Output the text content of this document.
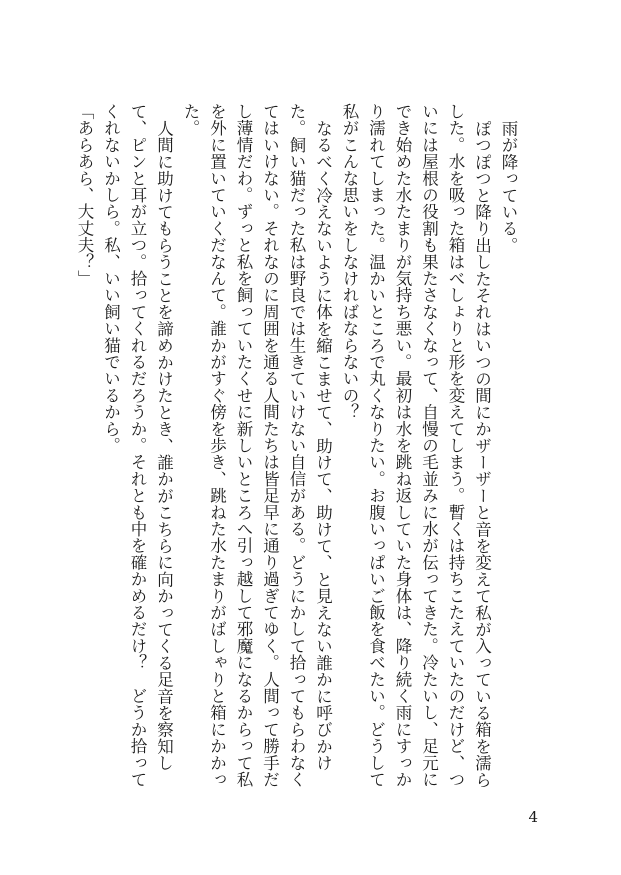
雨が降っている。

ぽつぽつと降り出したそれはいつの間にかザーザーと音を変えて私が入っている箱を濡らした。水を吸った箱はべしょりと形を変えてしまう。暫くは持ちこたえていたのだけど、ついには屋根の役割も果たさなくなって、自慢の毛並みに水が伝ってきた。冷たいし、足元にでき始めた水たまりが気持ち悪い。最初は水を跳ね返していた身体は、降り続く雨にすっかり濡れてしまった。温かいところで丸くなりたい。お腹いっぱいご飯を食べたい。どうして私がこんな思いをしなければならないの？

なるべく冷えないように体を縮こませて、助けて、助けて、と見えない誰かに呼びかけた。飼い猫だった私は野良では生きていけない自信がある。どうにかして拾ってもらわなくてはいけない。それなのに周囲を通る人間たちは皆足早に通り過ぎてゆく。人間って勝手だし薄情だわ。ずっと私を飼っていたくせに新しいところへ引っ越して邪魔になるからって私を外に置いていくだなんて。誰かがすぐ傍を歩き、跳ねた水たまりがばしゃりと箱にかかった。

人間に助けてもらうことを諦めかけたとき、誰かがこちらに向かってくる足音を察知して、ピンと耳が立つ。拾ってくれるだろうか。それとも中を確かめるだけ？　どうか拾ってくれないかしら。私、いい飼い猫でいるから。

「あらあら、大丈夫？」

4
